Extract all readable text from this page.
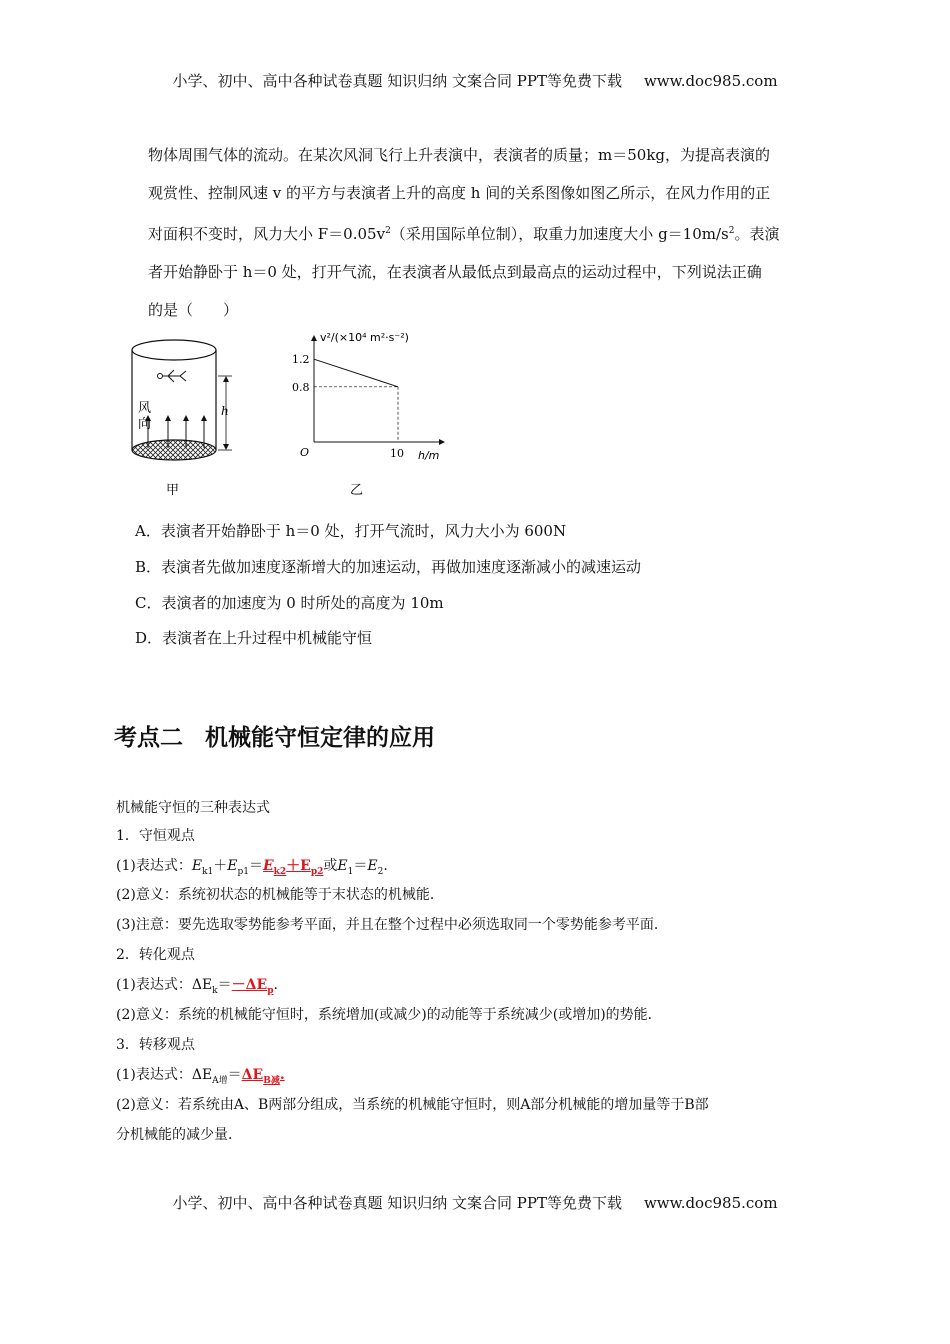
小学、初中、高中各种试卷真题 知识归纳 文案合同 PPT等免费下载 www.doc985.com
物体周围气体的流动。在某次风洞飞行上升表演中，表演者的质量；m＝50kg，为提高表演的
观赏性、控制风速 v 的平方与表演者上升的高度 h 间的关系图像如图乙所示，在风力作用的正
对面积不变时，风力大小 $F=0.05v^2$（采用国际单位制），取重力加速度大小 $g=10m/s^2$。表演
者开始静卧于 h＝0 处，打开气流，在表演者从最低点到最高点的运动过程中，下列说法正确
的是（　　）
风
向
h
甲
v²/(×10⁴ m²·s⁻²)
h/m
O
1.2
0.8
10
乙
A．表演者开始静卧于 h＝0 处，打开气流时，风力大小为 600N
B．表演者先做加速度逐渐增大的加速运动，再做加速度逐渐减小的减速运动
C．表演者的加速度为 0 时所处的高度为 10m
D．表演者在上升过程中机械能守恒
考点二 机械能守恒定律的应用
机械能守恒的三种表达式
1．守恒观点
(1)表达式：$E_{k1}+E_{p1}=E_{k2}+E_{p2}$或$E_1=E_2$.
(2)意义：系统初状态的机械能等于末状态的机械能．
(3)注意：要先选取零势能参考平面，并且在整个过程中必须选取同一个零势能参考平面．
2．转化观点
(1)表达式：$\Delta E_k=-\Delta E_p$.
(2)意义：系统的机械能守恒时，系统增加(或减少)的动能等于系统减少(或增加)的势能．
3．转移观点
(1)表达式：$\Delta E_{A增}=\Delta E_{B减}$.
(2)意义：若系统由A、B两部分组成，当系统的机械能守恒时，则A部分机械能的增加量等于B部
分机械能的减少量．
小学、初中、高中各种试卷真题 知识归纳 文案合同 PPT等免费下载 www.doc985.com
